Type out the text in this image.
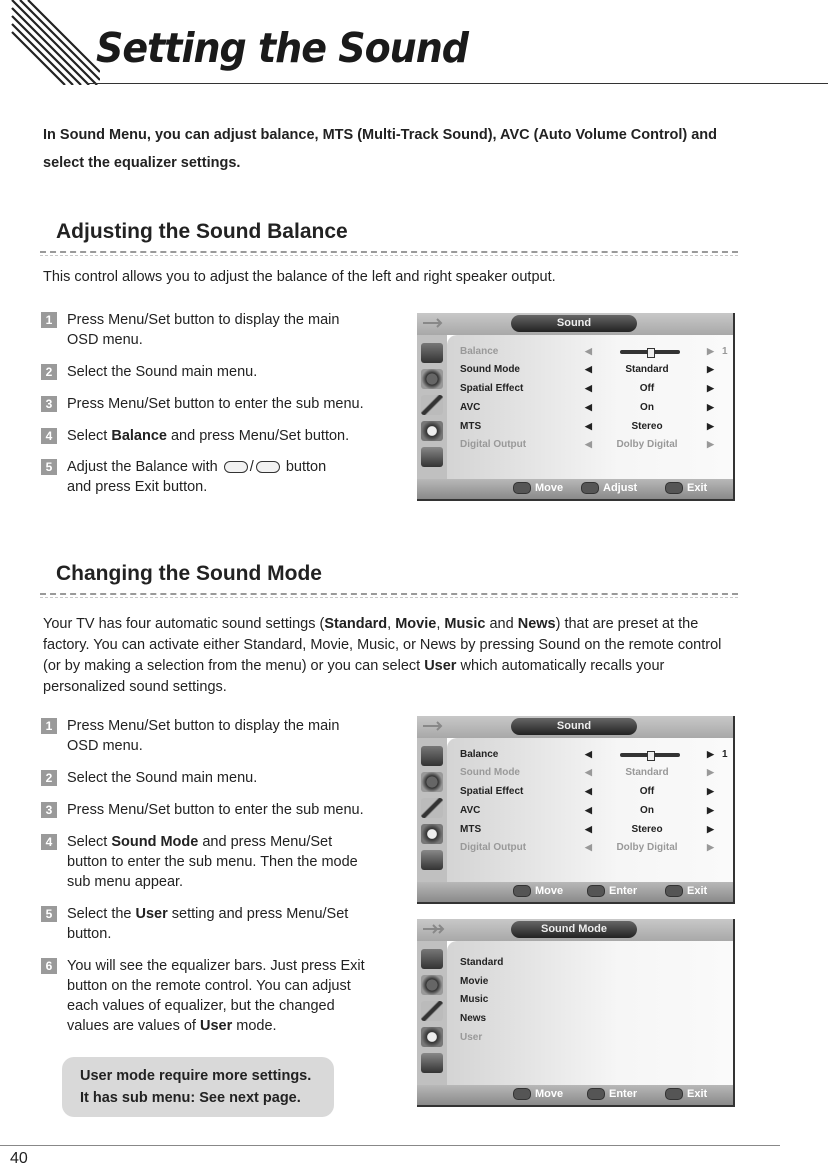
Setting the Sound
In Sound Menu, you can adjust balance, MTS (Multi-Track Sound), AVC (Auto Volume Control) and select the equalizer settings.
Adjusting the Sound Balance
This control allows you to adjust the balance of the left and right speaker output.
1	Press Menu/Set button to display the main OSD menu.
2	Select the Sound main menu.
3	Press Menu/Set button to enter the sub menu.
4	Select Balance and press Menu/Set button.
5	Adjust the Balance with / button
and press Exit button.
Sound
Balance	◀	▶ 1
Sound Mode	◀	Standard	▶
Spatial Effect	◀	Off	▶
AVC	◀	On	▶
MTS	◀	Stereo	▶
Digital Output	◀	Dolby Digital	▶
Move	Adjust	Exit
Changing the Sound Mode
Your TV has four automatic sound settings (Standard, Movie, Music and News) that are preset at the factory. You can activate either Standard, Movie, Music, or News by pressing Sound on the remote control (or by making a selection from the menu) or you can select User which automatically recalls your personalized sound settings.
1	Press Menu/Set button to display the main OSD menu.
2	Select the Sound main menu.
3	Press Menu/Set button to enter the sub menu.
4	Select Sound Mode and press Menu/Set button to enter the sub menu. Then the mode sub menu appear.
5	Select the User setting and press Menu/Set button.
6	You will see the equalizer bars. Just press Exit button on the remote control. You can adjust each values of equalizer, but the changed values are values of User mode.
Sound
Balance	◀	▶ 1
Sound Mode	◀	Standard	▶
Spatial Effect	◀	Off	▶
AVC	◀	On	▶
MTS	◀	Stereo	▶
Digital Output	◀	Dolby Digital	▶
Move	Enter	Exit
Sound Mode
Standard
Movie
Music
News
User
Move	Enter	Exit
User mode require more settings.
It has sub menu: See next page.
40
